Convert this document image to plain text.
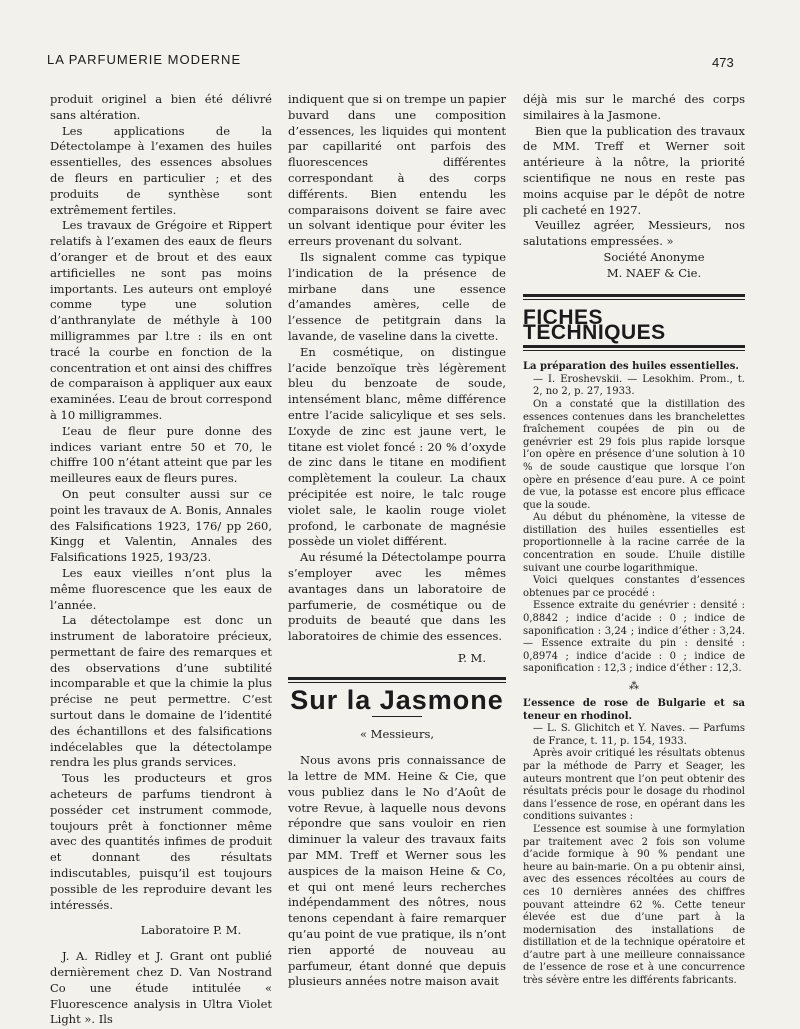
LA PARFUMERIE MODERNE	473

produit originel a bien été délivré sans altération.

Les applications de la Détectolampe à l’examen des huiles essentielles, des essences absolues de fleurs en particulier ; et des produits de synthèse sont extrêmement fertiles.

Les travaux de Grégoire et Rippert relatifs à l’examen des eaux de fleurs d’oranger et de brout et des eaux artificielles ne sont pas moins importants. Les auteurs ont employé comme type une solution d’anthranylate de méthyle à 100 milligrammes par l.tre : ils en ont tracé la courbe en fonction de la concentration et ont ainsi des chiffres de comparaison à appliquer aux eaux examinées. L’eau de brout correspond à 10 milligrammes.

L’eau de fleur pure donne des indices variant entre 50 et 70, le chiffre 100 n’étant atteint que par les meilleures eaux de fleurs pures.

On peut consulter aussi sur ce point les travaux de A. Bonis, Annales des Falsifications 1923, 176/ pp 260, Kingg et Valentin, Annales des Falsifications 1925, 193/23.

Les eaux vieilles n’ont plus la même fluorescence que les eaux de l’année.

La détectolampe est donc un instrument de laboratoire précieux, permettant de faire des remarques et des observations d’une subtilité incomparable et que la chimie la plus précise ne peut permettre. C’est surtout dans le domaine de l’identité des échantillons et des falsifications indécelables que la détectolampe rendra les plus grands services.

Tous les producteurs et gros acheteurs de parfums tiendront à posséder cet instrument commode, toujours prêt à fonctionner même avec des quantités infimes de produit et donnant des résultats indiscutables, puisqu’il est toujours possible de les reproduire devant les intéressés.

Laboratoire P. M.

J. A. Ridley et J. Grant ont publié dernièrement chez D. Van Nostrand Co une étude intitulée « Fluorescence analysis in Ultra Violet Light ». Ils

indiquent que si on trempe un papier buvard dans une composition d’essences, les liquides qui montent par capillarité ont parfois des fluorescences différentes correspondant à des corps différents. Bien entendu les comparaisons doivent se faire avec un solvant identique pour éviter les erreurs provenant du solvant.

Ils signalent comme cas typique l’indication de la présence de mirbane dans une essence d’amandes amères, celle de l’essence de petitgrain dans la lavande, de vaseline dans la civette.

En cosmétique, on distingue l’acide benzoïque très légèrement bleu du benzoate de soude, intensément blanc, même différence entre l’acide salicylique et ses sels. L’oxyde de zinc est jaune vert, le titane est violet foncé : 20 % d’oxyde de zinc dans le titane en modifient complètement la couleur. La chaux précipitée est noire, le talc rouge violet sale, le kaolin rouge violet profond, le carbonate de magnésie possède un violet différent.

Au résumé la Détectolampe pourra s’employer avec les mêmes avantages dans un laboratoire de parfumerie, de cosmétique ou de produits de beauté que dans les laboratoires de chimie des essences.

P. M.

Sur la Jasmone

« Messieurs,

Nous avons pris connaissance de la lettre de MM. Heine & Cie, que vous publiez dans le No d’Août de votre Revue, à laquelle nous devons répondre que sans vouloir en rien diminuer la valeur des travaux faits par MM. Treff et Werner sous les auspices de la maison Heine & Co, et qui ont mené leurs recherches indépendamment des nôtres, nous tenons cependant à faire remarquer qu’au point de vue pratique, ils n’ont rien apporté de nouveau au parfumeur, étant donné que depuis plusieurs années notre maison avait

déjà mis sur le marché des corps similaires à la Jasmone.

Bien que la publication des travaux de MM. Treff et Werner soit antérieure à la nôtre, la priorité scientifique ne nous en reste pas moins acquise par le dépôt de notre pli cacheté en 1927.

Veuillez agréer, Messieurs, nos salutations empressées. »

Société Anonyme

M. NAEF & Cie.

FICHES TECHNIQUES

La préparation des huiles essentielles.

— I. Eroshevskii. — Lesokhim. Prom., t. 2, no 2, p. 27, 1933.

On a constaté que la distillation des essences contenues dans les branchelettes fraîchement coupées de pin ou de genévrier est 29 fois plus rapide lorsque l’on opère en présence d’une solution à 10 % de soude caustique que lorsque l’on opère en présence d’eau pure. A ce point de vue, la potasse est encore plus efficace que la soude.

Au début du phénomène, la vitesse de distillation des huiles essentielles est proportionnelle à la racine carrée de la concentration en soude. L’huile distille suivant une courbe logarithmique.

Voici quelques constantes d’essences obtenues par ce procédé :

Essence extraite du genévrier : densité : 0,8842 ; indice d’acide : 0 ; indice de saponification : 3,24 ; indice d’éther : 3,24. — Essence extraite du pin : densité : 0,8974 ; indice d’acide : 0 ; indice de saponification : 12,3 ; indice d’éther : 12,3.

⁂

L’essence de rose de Bulgarie et sa teneur en rhodinol.

— L. S. Glichitch et Y. Naves. — Parfums de France, t. 11, p. 154, 1933.

Après avoir critiqué les résultats obtenus par la méthode de Parry et Seager, les auteurs montrent que l’on peut obtenir des résultats précis pour le dosage du rhodinol dans l’essence de rose, en opérant dans les conditions suivantes :

L’essence est soumise à une formylation par traitement avec 2 fois son volume d’acide formique à 90 % pendant une heure au bain-marie. On a pu obtenir ainsi, avec des essences récoltées au cours de ces 10 dernières années des chiffres pouvant atteindre 62 %. Cette teneur élevée est due d’une part à la modernisation des installations de distillation et de la technique opératoire et d’autre part à une meilleure connaissance de l’essence de rose et à une concurrence très sévère entre les différents fabricants.
